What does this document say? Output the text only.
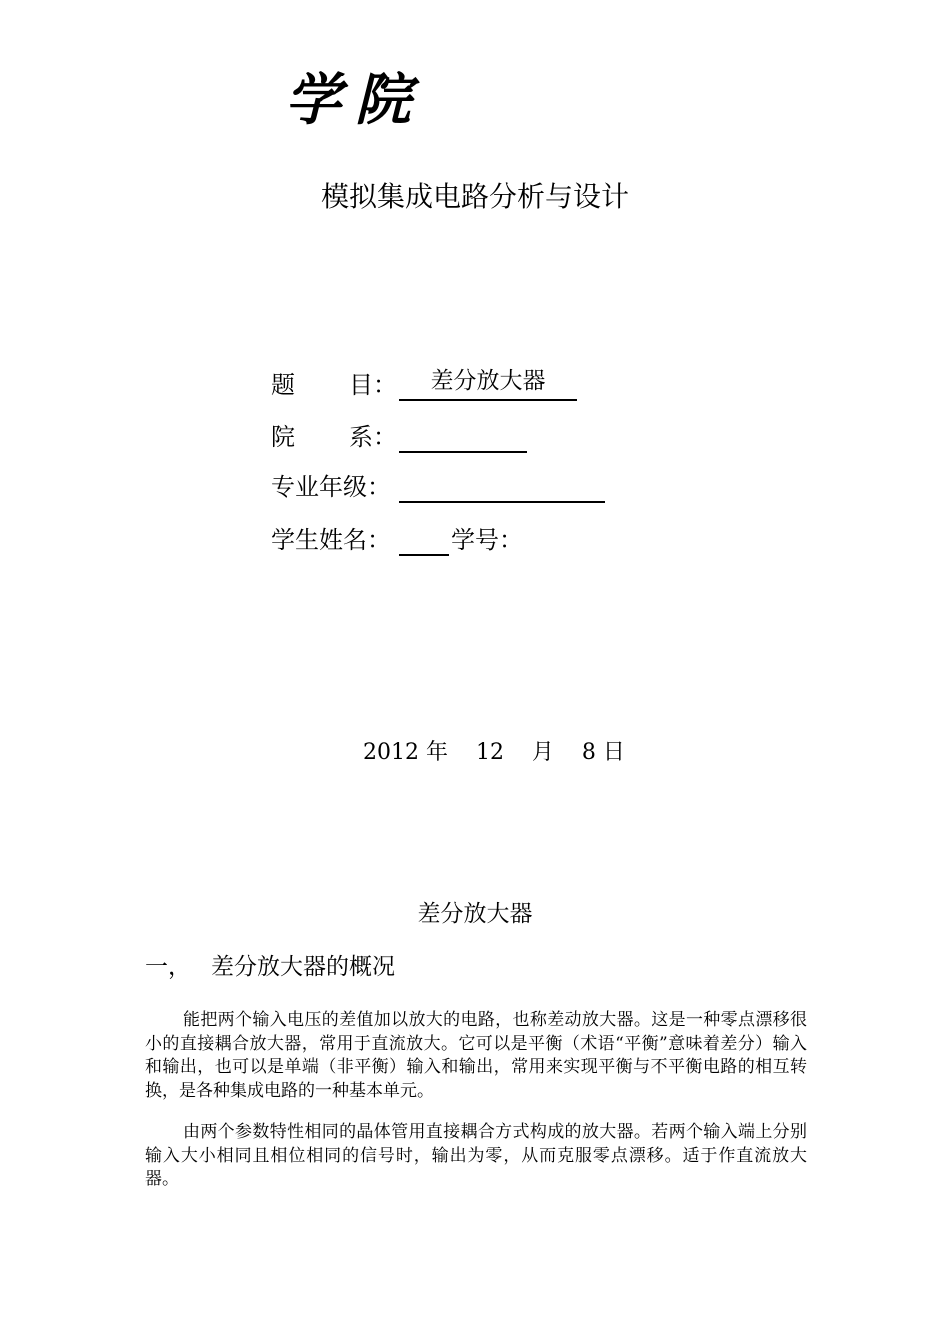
学院
模拟集成电路分析与设计
题 目： 差分放大器
院 系：
专业年级：
学生姓名：	学号：
2012 年    12    月    8 日
差分放大器
一， 差分放大器的概况

能把两个输入电压的差值加以放大的电路，也称差动放大器。这是一种零点漂移很小的直接耦合放大器，常用于直流放大。它可以是平衡（术语“平衡”意味着差分）输入和输出，也可以是单端（非平衡）输入和输出，常用来实现平衡与不平衡电路的相互转换，是各种集成电路的一种基本单元。

由两个参数特性相同的晶体管用直接耦合方式构成的放大器。若两个输入端上分别输入大小相同且相位相同的信号时，输出为零，从而克服零点漂移。适于作直流放大器。
